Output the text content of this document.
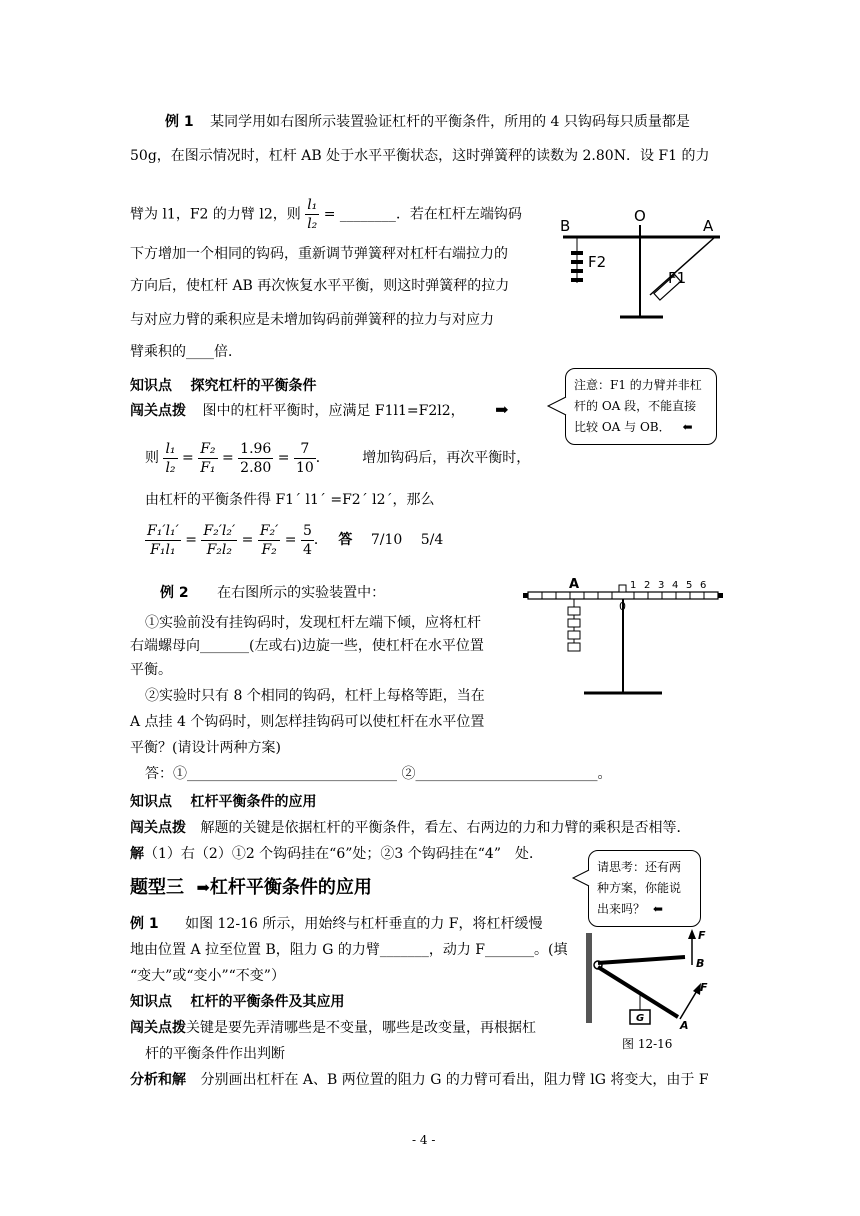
例 1 某同学用如右图所示装置验证杠杆的平衡条件，所用的 4 只钩码每只质量都是
50g，在图示情况时，杠杆 AB 处于水平平衡状态，这时弹簧秤的读数为 2.80N．设 F1 的力
臂为 l1，F2 的力臂 l2，则 $\frac{\text{l₁}}{\text{l₂}}$ = ________．若在杠杆左端钩码
下方增加一个相同的钩码，重新调节弹簧秤对杠杆右端拉力的
方向后，使杠杆 AB 再次恢复水平平衡，则这时弹簧秤的拉力
与对应力臂的乘积应是未增加钩码前弹簧秤的拉力与对应力
臂乘积的____倍．
B
O
A
F2
F1
知识点 探究杠杆的平衡条件
闯关点拨 图中的杠杆平衡时，应满足 F1l1=F2l2， ➡
注意：F1 的力臂并非杠杆的 OA 段，不能直接比较 OA 与 OB． ⬅
则 $\frac{\text{l₁}}{\text{l₂}} = \frac{\text{F₂}}{\text{F₁}} = \frac{1.96}{2.80} = \frac{7}{10}$ ． 增加钩码后，再次平衡时，
由杠杆的平衡条件得 F1´ l1´ =F2´ l2´，那么
$\frac{\text{F₁′l₁′}}{\text{F₁l₁}} = \frac{\text{F₂′l₂′}}{\text{F₂l₂}} = \frac{\text{F₂′}}{\text{F₂}} = \frac{5}{4}$ ． 答 7/10　 5/4
例 2 在右图所示的实验装置中：
①实验前没有挂钩码时，发现杠杆左端下倾，应将杠杆
右端螺母向_______(左或右)边旋一些，使杠杆在水平位置
平衡。
②实验时只有 8 个相同的钩码，杠杆上每格等距，当在
A 点挂 4 个钩码时，则怎样挂钩码可以使杠杆在水平位置
平衡？(请设计两种方案)
答：①______________________________ ②__________________________。
A
0
1 2 3 4 5 6
知识点 杠杆平衡条件的应用
闯关点拨 解题的关键是依据杠杆的平衡条件，看左、右两边的力和力臂的乘积是否相等．
解（1）右（2）①2 个钩码挂在“6”处；②3 个钩码挂在“4”　处．
请思考：还有两种方案，你能说出来吗？ ⬅
题型三 ➡杠杆平衡条件的应用
例 1 如图 12-16 所示，用始终与杠杆垂直的力 F，将杠杆缓慢
地由位置 A 拉至位置 B，阻力 G 的力臂_______，动力 F_______。(填
“变大”或“变小”“不变”）
F
B
F
A
G
图 12-16
知识点 杠杆的平衡条件及其应用
闯关点拨关键是要先弄清哪些是不变量，哪些是改变量，再根据杠
杆的平衡条件作出判断
分析和解 分别画出杠杆在 A、B 两位置的阻力 G 的力臂可看出，阻力臂 lG 将变大，由于 F
- 4 -
